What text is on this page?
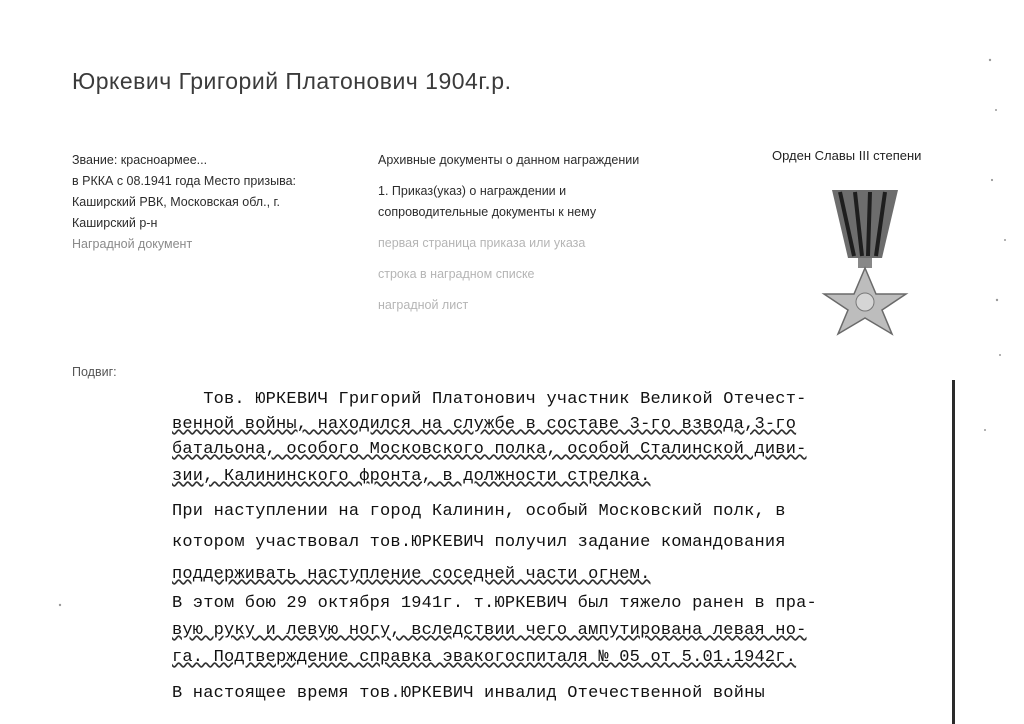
Юркевич Григорий Платонович 1904г.р.
Звание: красноармее...
в РККА с 08.1941 года Место призыва:
Каширский РВК, Московская обл., г.
Каширский р-н
Наградной документ
Архивные документы о данном награждении
1. Приказ(указ) о награждении и
сопроводительные документы к нему
первая страница приказа или указа
строка в наградном списке
наградной лист
Орден Славы III степени
Подвиг:

Тов. ЮРКЕВИЧ Григорий Платонович участник Великой Отечест-

венной войны, находился на службе в составе 3-го взвода,3-го

батальона, особого Московского полка, особой Сталинской диви-

зии, Калининского фронта, в должности стрелка.

При наступлении на город Калинин, особый Московский полк, в

котором участвовал тов.ЮРКЕВИЧ получил задание командования

поддерживать наступление соседней части огнем.

В этом бою 29 октября 1941г. т.ЮРКЕВИЧ был тяжело ранен в пра-

вую руку и левую ногу, вследствии чего ампутирована левая но-

га. Подтверждение справка эвакогоспиталя № 05 от 5.01.1942г.

В настоящее время тов.ЮРКЕВИЧ инвалид Отечественной войны
